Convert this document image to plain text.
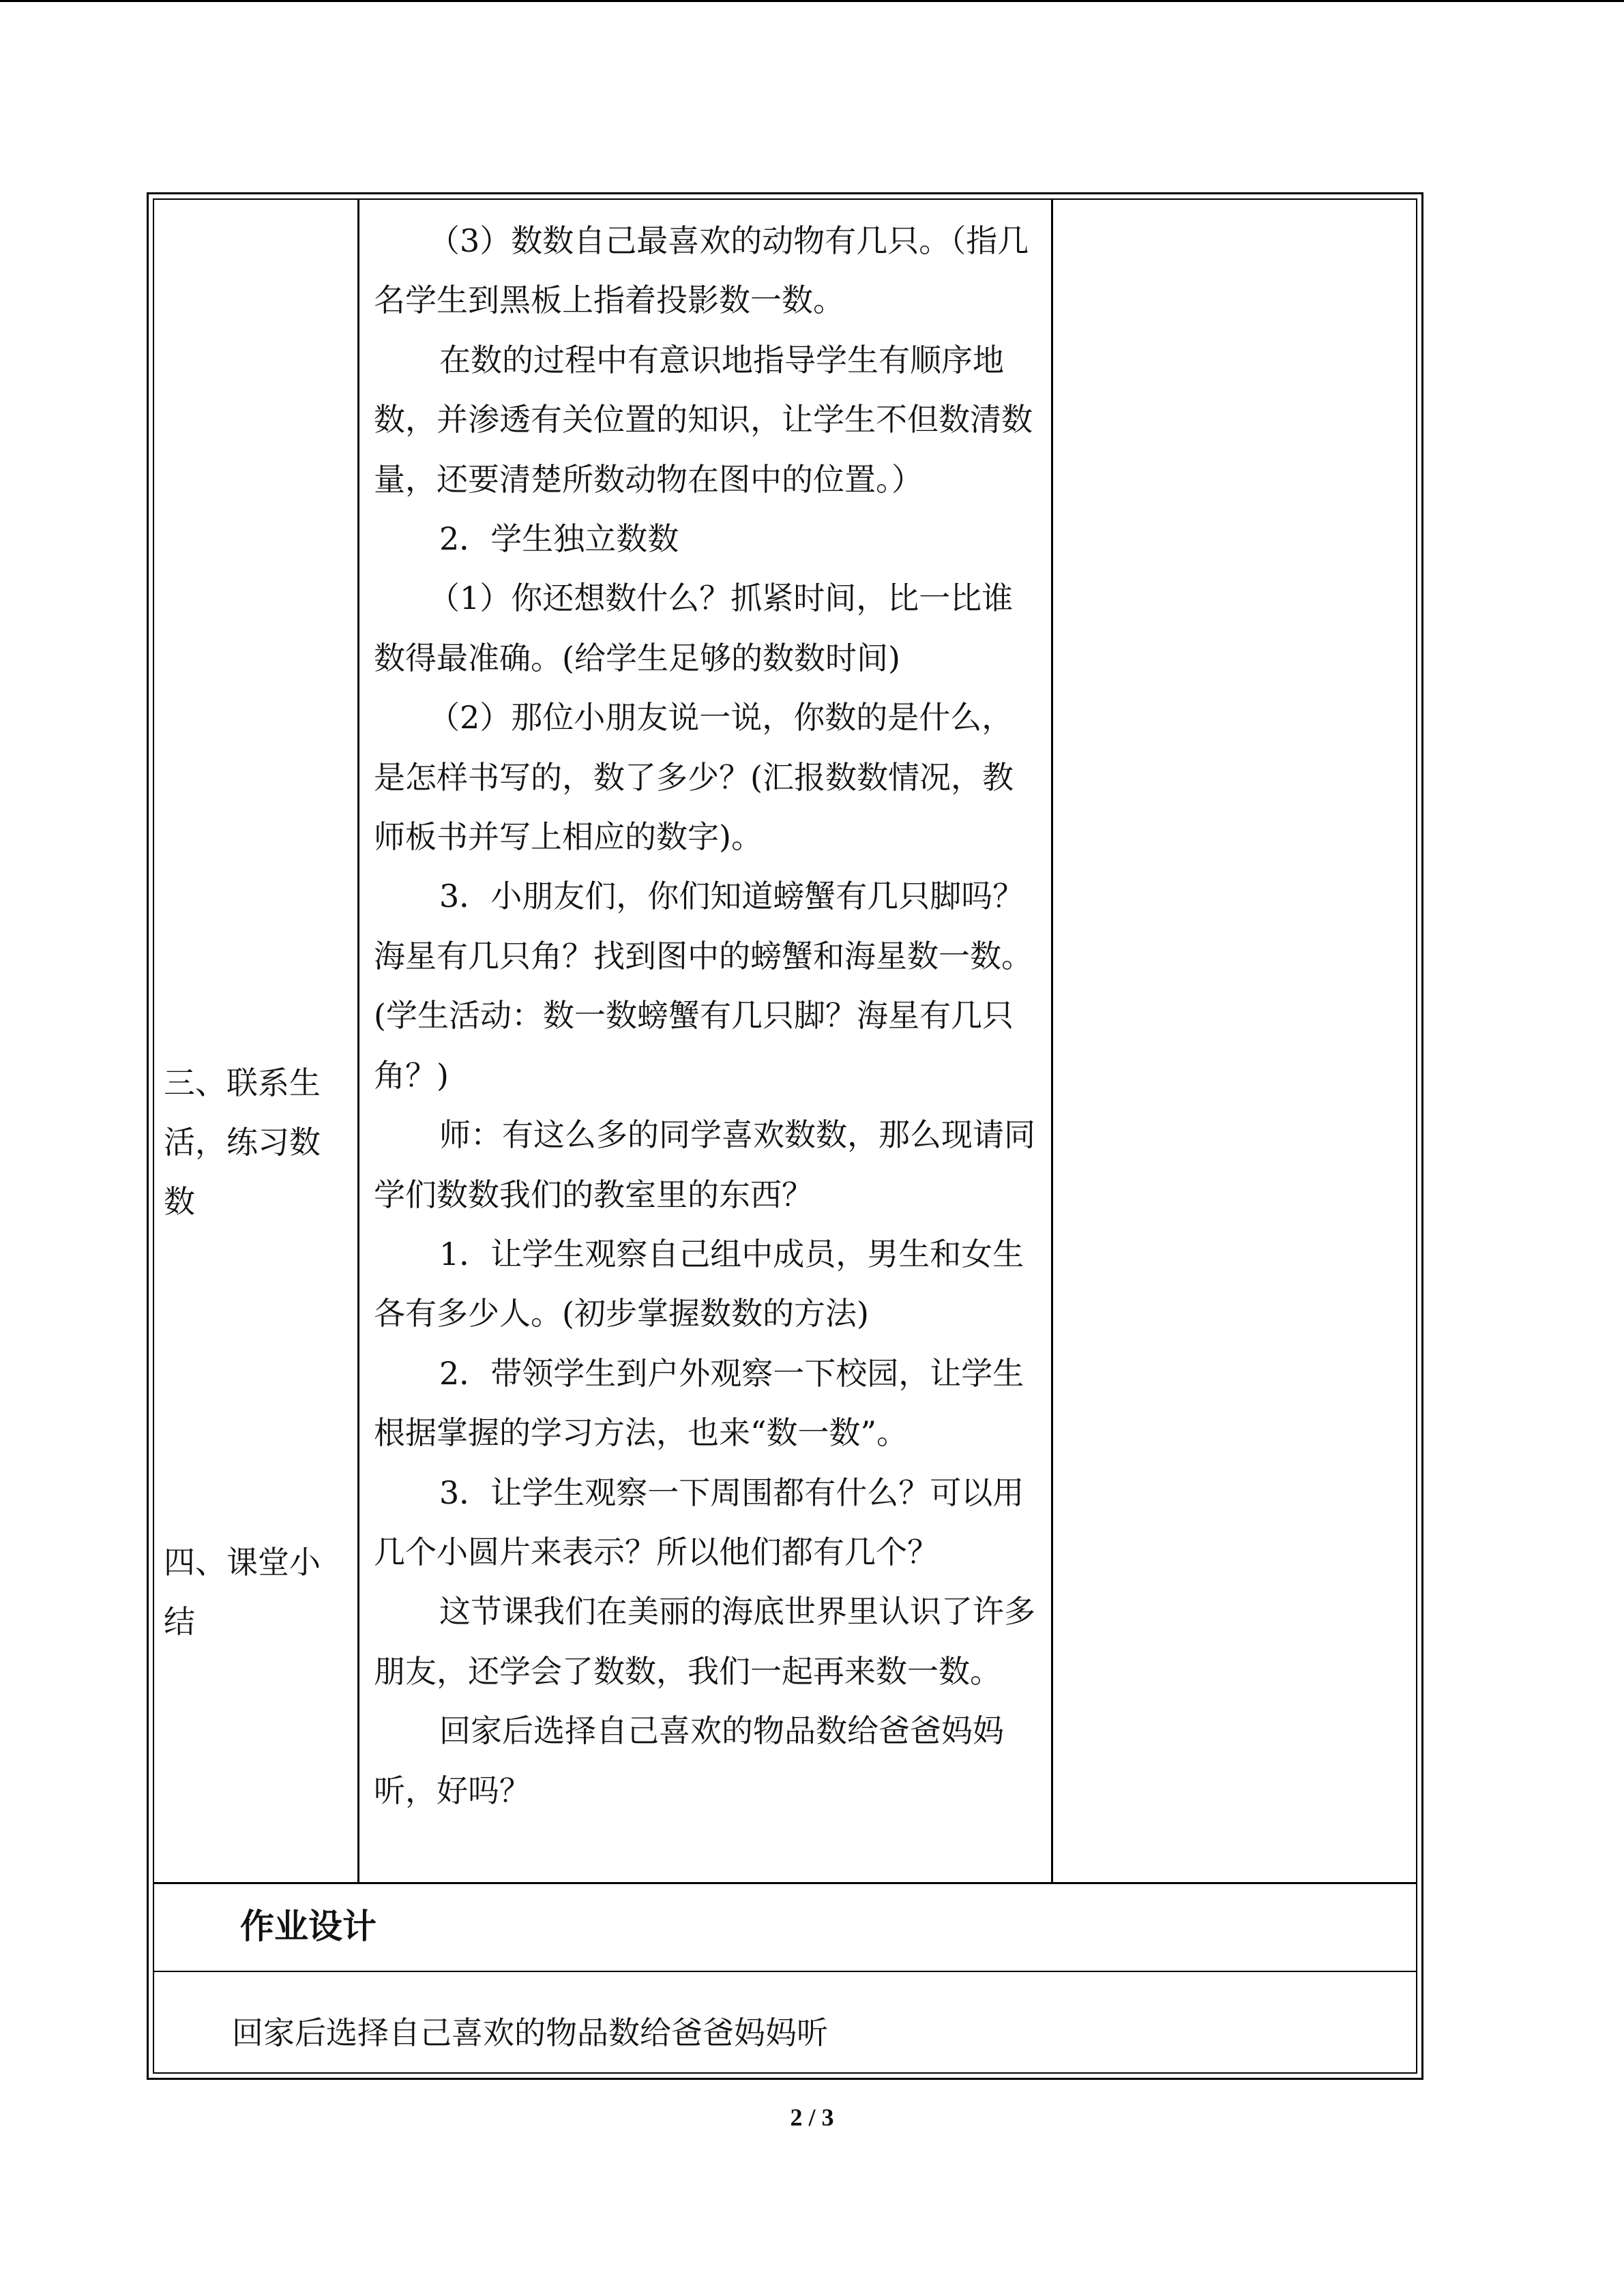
三、联系生活，练习数数
四、课堂小结

（3）数数自己最喜欢的动物有几只。（指几名学生到黑板上指着投影数一数。

在数的过程中有意识地指导学生有顺序地数，并渗透有关位置的知识，让学生不但数清数量，还要清楚所数动物在图中的位置。）

2．学生独立数数

（1）你还想数什么？抓紧时间，比一比谁数得最准确。(给学生足够的数数时间)

（2）那位小朋友说一说，你数的是什么，是怎样书写的，数了多少？(汇报数数情况，教师板书并写上相应的数字)。

3．小朋友们，你们知道螃蟹有几只脚吗？ 海星有几只角？找到图中的螃蟹和海星数一数。(学生活动：数一数螃蟹有几只脚？海星有几只角？)

师：有这么多的同学喜欢数数，那么现请同学们数数我们的教室里的东西？

1．让学生观察自己组中成员，男生和女生各有多少人。(初步掌握数数的方法)

2．带领学生到户外观察一下校园，让学生根据掌握的学习方法，也来“数一数”。

3．让学生观察一下周围都有什么？可以用几个小圆片来表示？所以他们都有几个？

这节课我们在美丽的海底世界里认识了许多朋友，还学会了数数，我们一起再来数一数。

回家后选择自己喜欢的物品数给爸爸妈妈听，好吗？

作业设计
回家后选择自己喜欢的物品数给爸爸妈妈听
2 / 3
